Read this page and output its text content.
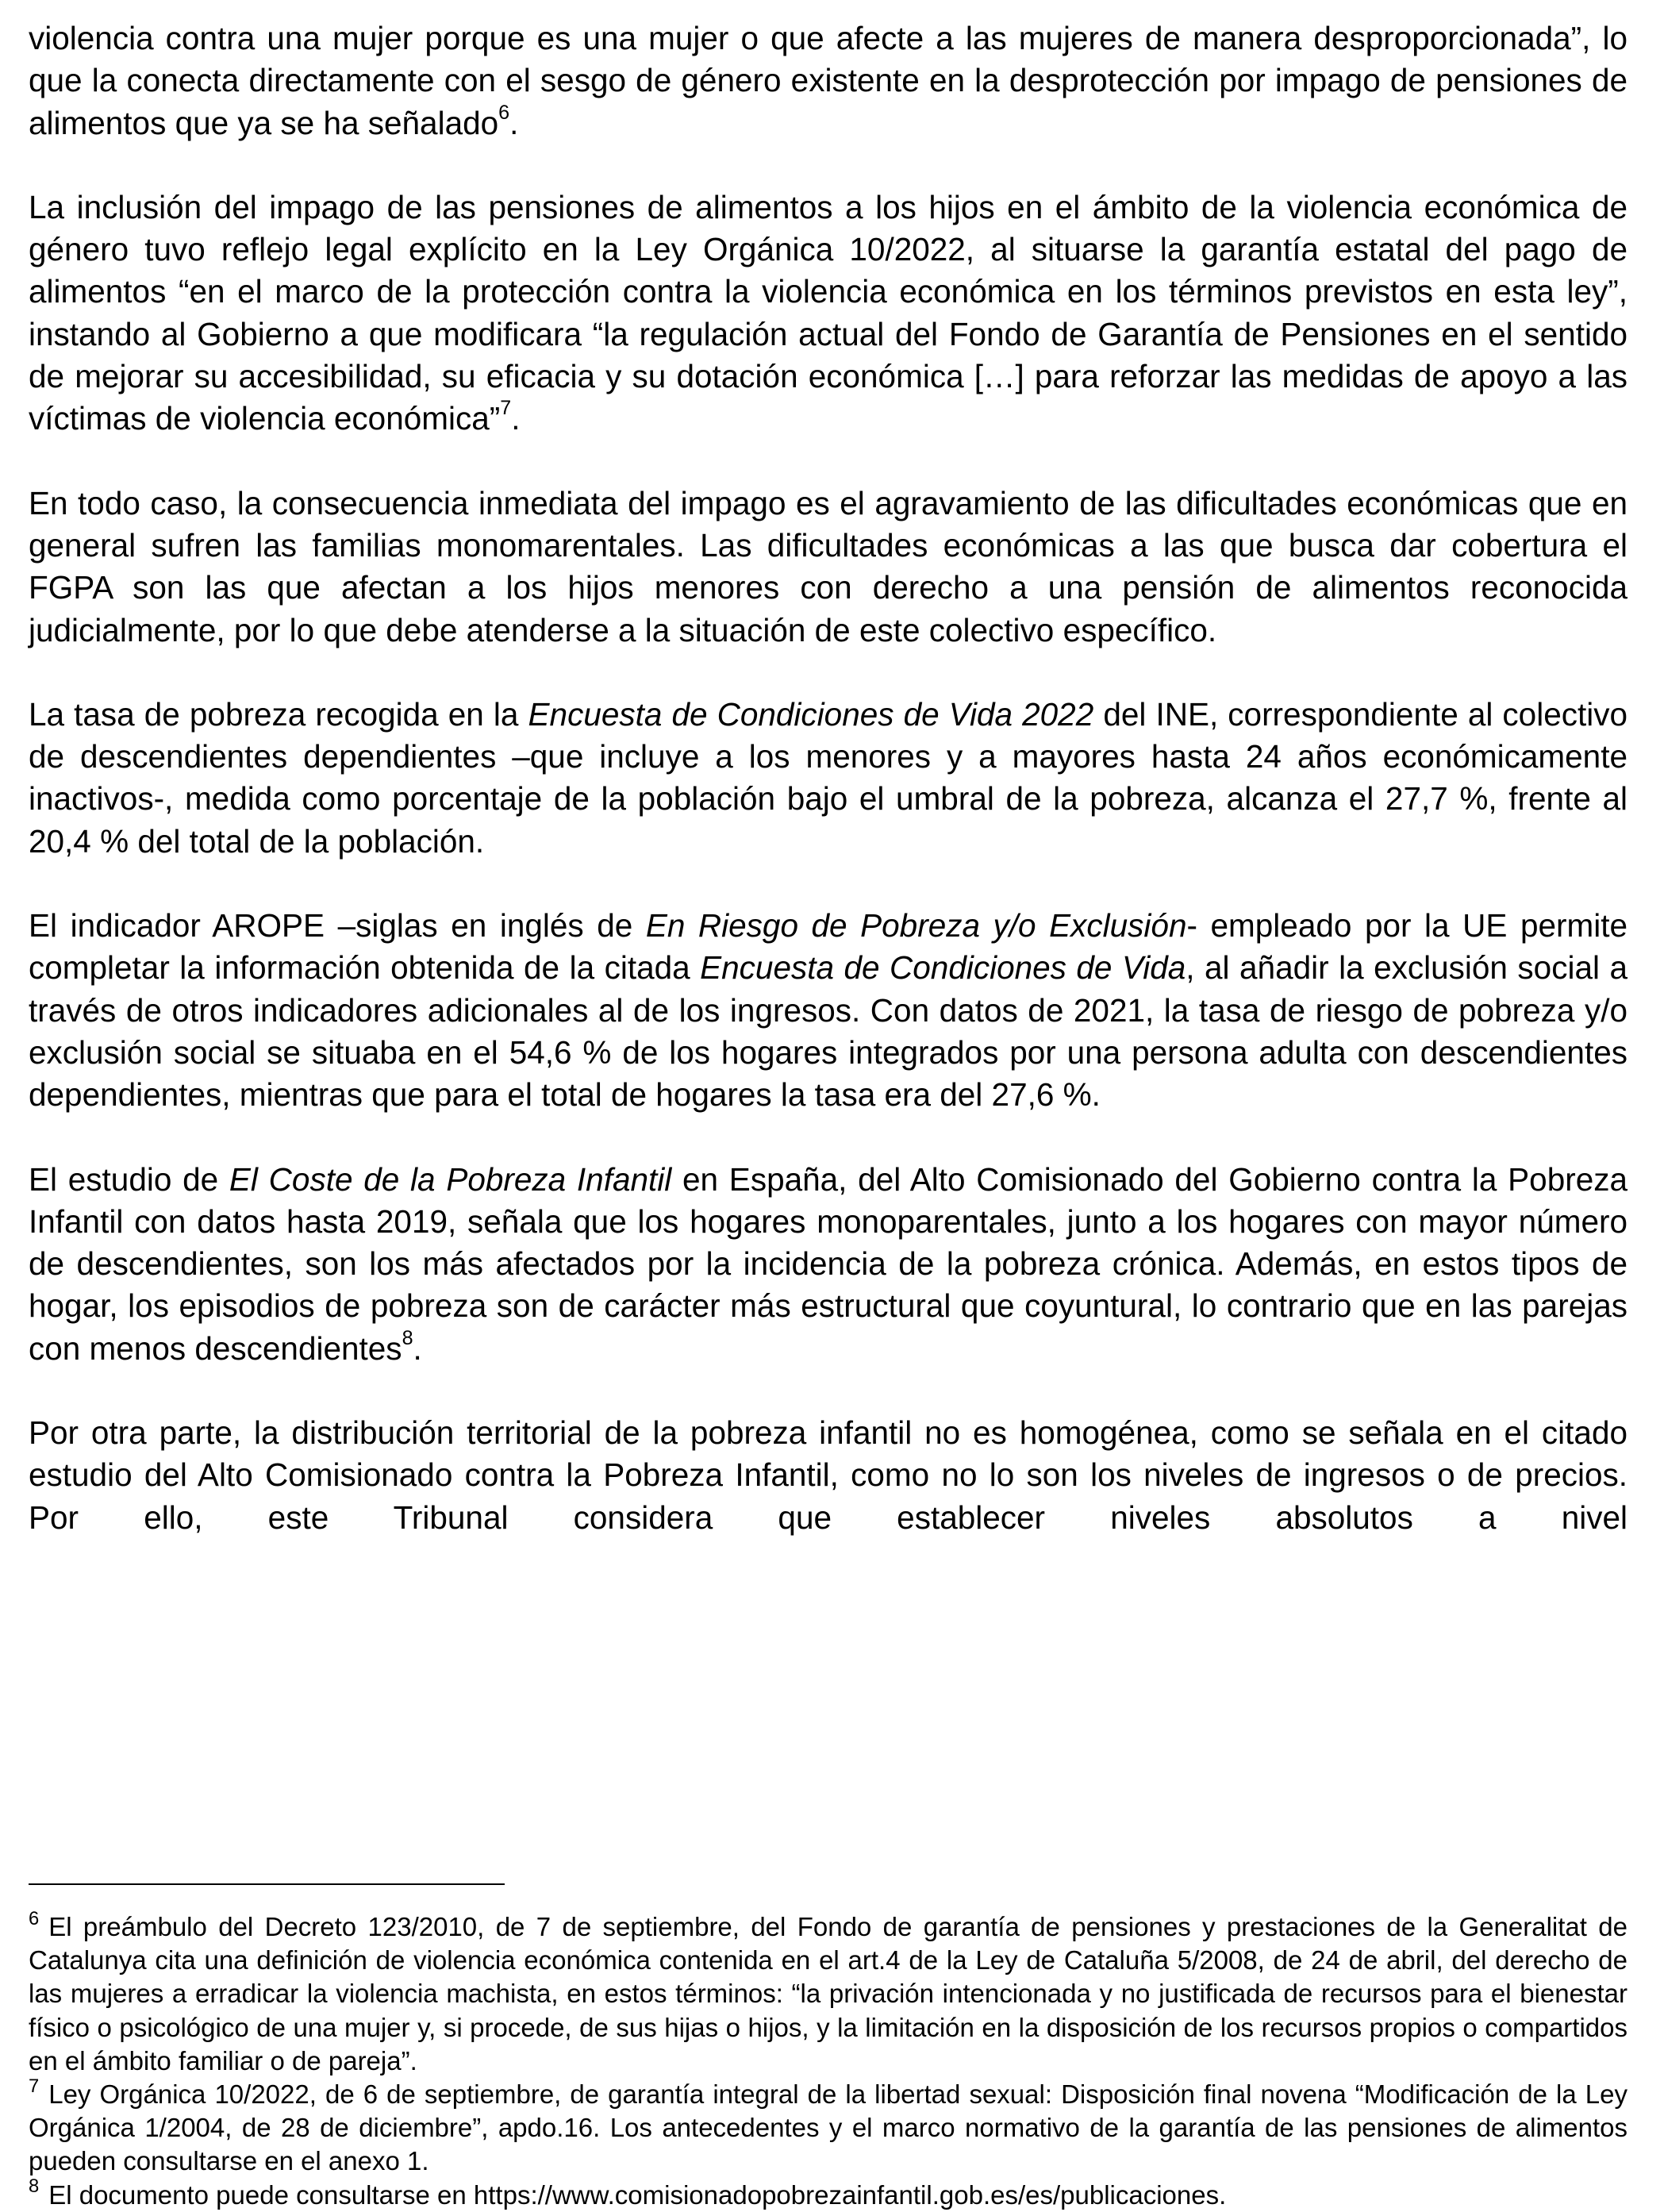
violencia contra una mujer porque es una mujer o que afecte a las mujeres de manera desproporcionada”, lo que la conecta directamente con el sesgo de género existente en la desprotección por impago de pensiones de alimentos que ya se ha señalado$^6$.

La inclusión del impago de las pensiones de alimentos a los hijos en el ámbito de la violencia económica de género tuvo reflejo legal explícito en la Ley Orgánica 10/2022, al situarse la garantía estatal del pago de alimentos “en el marco de la protección contra la violencia económica en los términos previstos en esta ley”, instando al Gobierno a que modificara “la regulación actual del Fondo de Garantía de Pensiones en el sentido de mejorar su accesibilidad, su eficacia y su dotación económica […] para reforzar las medidas de apoyo a las víctimas de violencia económica”$^7$.

En todo caso, la consecuencia inmediata del impago es el agravamiento de las dificultades económicas que en general sufren las familias monomarentales. Las dificultades económicas a las que busca dar cobertura el FGPA son las que afectan a los hijos menores con derecho a una pensión de alimentos reconocida judicialmente, por lo que debe atenderse a la situación de este colectivo específico.

La tasa de pobreza recogida en la Encuesta de Condiciones de Vida 2022 del INE, correspondiente al colectivo de descendientes dependientes –que incluye a los menores y a mayores hasta 24 años económicamente inactivos-, medida como porcentaje de la población bajo el umbral de la pobreza, alcanza el 27,7 %, frente al 20,4 % del total de la población.

El indicador AROPE –siglas en inglés de En Riesgo de Pobreza y/o Exclusión- empleado por la UE permite completar la información obtenida de la citada Encuesta de Condiciones de Vida, al añadir la exclusión social a través de otros indicadores adicionales al de los ingresos. Con datos de 2021, la tasa de riesgo de pobreza y/o exclusión social se situaba en el 54,6 % de los hogares integrados por una persona adulta con descendientes dependientes, mientras que para el total de hogares la tasa era del 27,6 %.

El estudio de El Coste de la Pobreza Infantil en España, del Alto Comisionado del Gobierno contra la Pobreza Infantil con datos hasta 2019, señala que los hogares monoparentales, junto a los hogares con mayor número de descendientes, son los más afectados por la incidencia de la pobreza crónica. Además, en estos tipos de hogar, los episodios de pobreza son de carácter más estructural que coyuntural, lo contrario que en las parejas con menos descendientes$^8$.

Por otra parte, la distribución territorial de la pobreza infantil no es homogénea, como se señala en el citado estudio del Alto Comisionado contra la Pobreza Infantil, como no lo son los niveles de ingresos o de precios. Por ello, este Tribunal considera que establecer niveles absolutos a nivel

$^6$ El preámbulo del Decreto 123/2010, de 7 de septiembre, del Fondo de garantía de pensiones y prestaciones de la Generalitat de Catalunya cita una definición de violencia económica contenida en el art.4 de la Ley de Cataluña 5/2008, de 24 de abril, del derecho de las mujeres a erradicar la violencia machista, en estos términos: “la privación intencionada y no justificada de recursos para el bienestar físico o psicológico de una mujer y, si procede, de sus hijas o hijos, y la limitación en la disposición de los recursos propios o compartidos en el ámbito familiar o de pareja”.

$^7$ Ley Orgánica 10/2022, de 6 de septiembre, de garantía integral de la libertad sexual: Disposición final novena “Modificación de la Ley Orgánica 1/2004, de 28 de diciembre”, apdo.16. Los antecedentes y el marco normativo de la garantía de las pensiones de alimentos pueden consultarse en el anexo 1.

$^8$ El documento puede consultarse en https://www.comisionadopobrezainfantil.gob.es/es/publicaciones.
